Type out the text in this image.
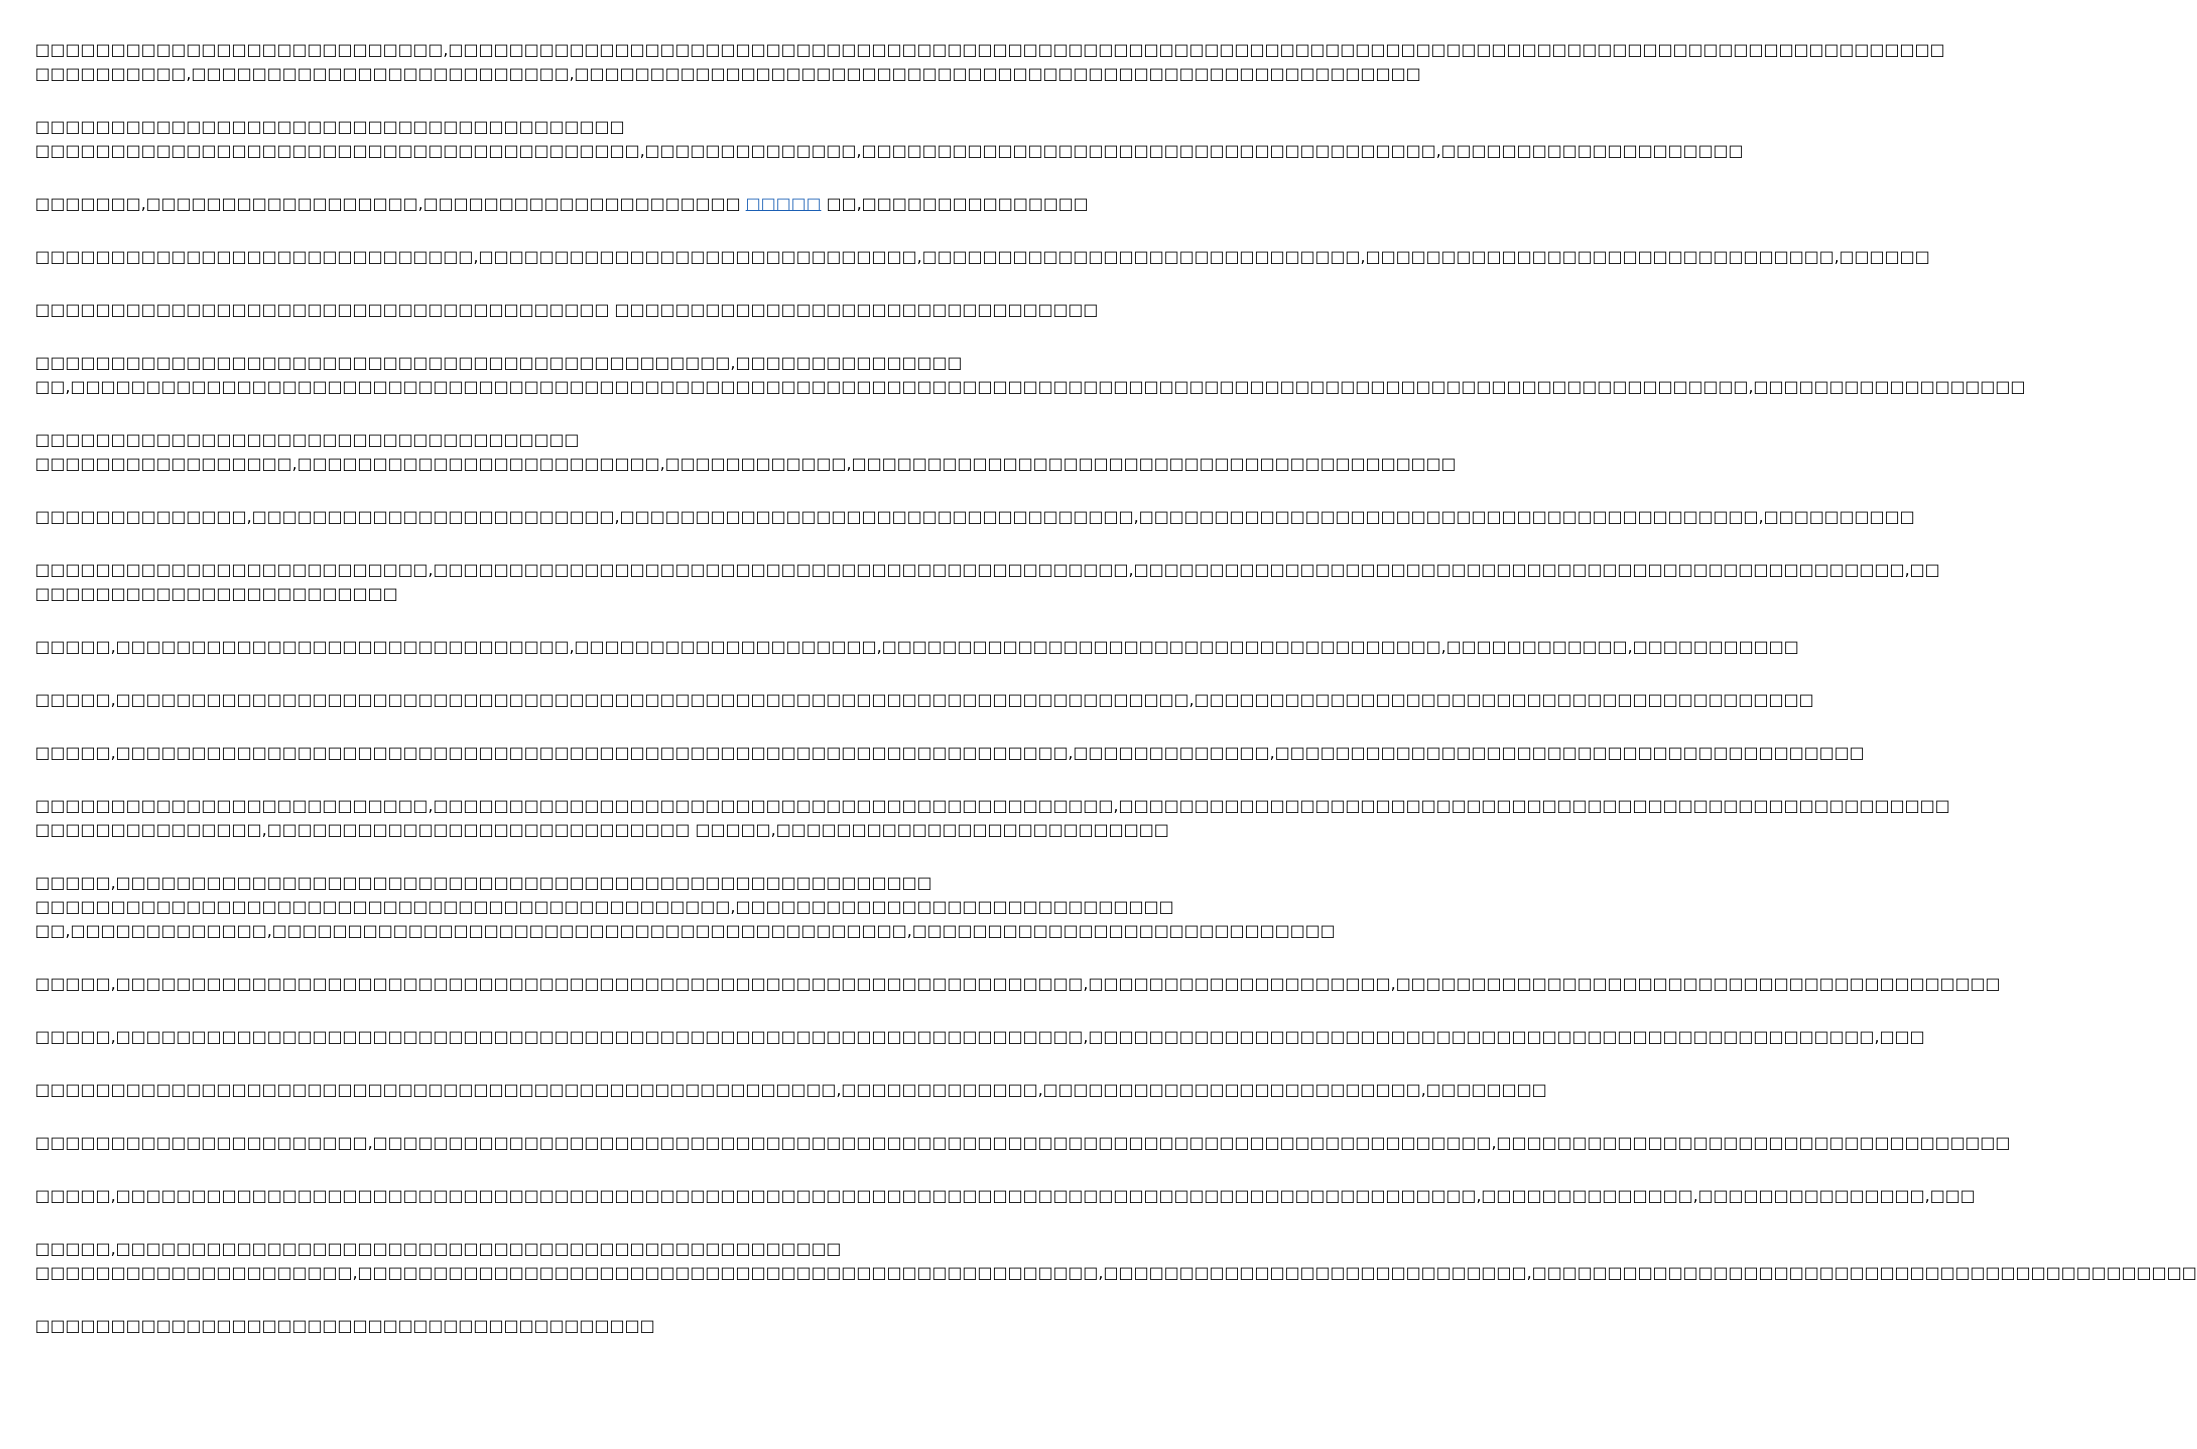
□□□□□□□□□□□□□□□□□□□□□□□□□□□,□□□□□□□□□□□□□□□□□□□□□□□□□□□□□□□□□□□□□□□□□□□□□□□□□□□□□□□□□□□□□□□□□□□□□□□□□□□□□□□□□□□□□□□□□□□□□□□□□□□
□□□□□□□□□□,□□□□□□□□□□□□□□□□□□□□□□□□□,□□□□□□□□□□□□□□□□□□□□□□□□□□□□□□□□□□□□□□□□□□□□□□□□□□□□□□□□

□□□□□□□□□□□□□□□□□□□□□□□□□□□□□□□□□□□□□□□
□□□□□□□□□□□□□□□□□□□□□□□□□□□□□□□□□□□□□□□□,□□□□□□□□□□□□□□,□□□□□□□□□□□□□□□□□□□□□□□□□□□□□□□□□□□□□□,□□□□□□□□□□□□□□□□□□□□

□□□□□□□,□□□□□□□□□□□□□□□□□□,□□□□□□□□□□□□□□□□□□□□□ □□□□□ □□,□□□□□□□□□□□□□□□

□□□□□□□□□□□□□□□□□□□□□□□□□□□□□,□□□□□□□□□□□□□□□□□□□□□□□□□□□□□,□□□□□□□□□□□□□□□□□□□□□□□□□□□□□,□□□□□□□□□□□□□□□□□□□□□□□□□□□□□□□,□□□□□□

□□□□□□□□□□□□□□□□□□□□□□□□□□□□□□□□□□□□□□ □□□□□□□□□□□□□□□□□□□□□□□□□□□□□□□□

□□□□□□□□□□□□□□□□□□□□□□□□□□□□□□□□□□□□□□□□□□□□□□,□□□□□□□□□□□□□□□
□□,□□□□□□□□□□□□□□□□□□□□□□□□□□□□□□□□□□□□□□□□□□□□□□□□□□□□□□□□□□□□□□□□□□□□□□□□□□□□□□□□□□□□□□□□□□□□□□□□□□□□□□□□□□□□□□□,□□□□□□□□□□□□□□□□□□

□□□□□□□□□□□□□□□□□□□□□□□□□□□□□□□□□□□□
□□□□□□□□□□□□□□□□□,□□□□□□□□□□□□□□□□□□□□□□□□,□□□□□□□□□□□□,□□□□□□□□□□□□□□□□□□□□□□□□□□□□□□□□□□□□□□□□

□□□□□□□□□□□□□□,□□□□□□□□□□□□□□□□□□□□□□□□,□□□□□□□□□□□□□□□□□□□□□□□□□□□□□□□□□□,□□□□□□□□□□□□□□□□□□□□□□□□□□□□□□□□□□□□□□□□□,□□□□□□□□□□

□□□□□□□□□□□□□□□□□□□□□□□□□□,□□□□□□□□□□□□□□□□□□□□□□□□□□□□□□□□□□□□□□□□□□□□□□,□□□□□□□□□□□□□□□□□□□□□□□□□□□□□□□□□□□□□□□□□□□□□□□□□□□,□□
□□□□□□□□□□□□□□□□□□□□□□□□

□□□□□,□□□□□□□□□□□□□□□□□□□□□□□□□□□□□□,□□□□□□□□□□□□□□□□□□□□,□□□□□□□□□□□□□□□□□□□□□□□□□□□□□□□□□□□□□,□□□□□□□□□□□□,□□□□□□□□□□□

□□□□□,□□□□□□□□□□□□□□□□□□□□□□□□□□□□□□□□□□□□□□□□□□□□□□□□□□□□□□□□□□□□□□□□□□□□□□□,□□□□□□□□□□□□□□□□□□□□□□□□□□□□□□□□□□□□□□□□□

□□□□□,□□□□□□□□□□□□□□□□□□□□□□□□□□□□□□□□□□□□□□□□□□□□□□□□□□□□□□□□□□□□□□□,□□□□□□□□□□□□□,□□□□□□□□□□□□□□□□□□□□□□□□□□□□□□□□□□□□□□□

□□□□□□□□□□□□□□□□□□□□□□□□□□,□□□□□□□□□□□□□□□□□□□□□□□□□□□□□□□□□□□□□□□□□□□□□,□□□□□□□□□□□□□□□□□□□□□□□□□□□□□□□□□□□□□□□□□□□□□□□□□□□□□□□
□□□□□□□□□□□□□□□,□□□□□□□□□□□□□□□□□□□□□□□□□□□□ □□□□□,□□□□□□□□□□□□□□□□□□□□□□□□□□

□□□□□,□□□□□□□□□□□□□□□□□□□□□□□□□□□□□□□□□□□□□□□□□□□□□□□□□□□□□□
□□□□□□□□□□□□□□□□□□□□□□□□□□□□□□□□□□□□□□□□□□□□□□,□□□□□□□□□□□□□□□□□□□□□□□□□□□□□
□□,□□□□□□□□□□□□□,□□□□□□□□□□□□□□□□□□□□□□□□□□□□□□□□□□□□□□□□□□,□□□□□□□□□□□□□□□□□□□□□□□□□□□□

□□□□□,□□□□□□□□□□□□□□□□□□□□□□□□□□□□□□□□□□□□□□□□□□□□□□□□□□□□□□□□□□□□□□□□,□□□□□□□□□□□□□□□□□□□□,□□□□□□□□□□□□□□□□□□□□□□□□□□□□□□□□□□□□□□□□

□□□□□,□□□□□□□□□□□□□□□□□□□□□□□□□□□□□□□□□□□□□□□□□□□□□□□□□□□□□□□□□□□□□□□□,□□□□□□□□□□□□□□□□□□□□□□□□□□□□□□□□□□□□□□□□□□□□□□□□□□□□,□□□

□□□□□□□□□□□□□□□□□□□□□□□□□□□□□□□□□□□□□□□□□□□□□□□□□□□□□,□□□□□□□□□□□□□,□□□□□□□□□□□□□□□□□□□□□□□□□,□□□□□□□□

□□□□□□□□□□□□□□□□□□□□□□,□□□□□□□□□□□□□□□□□□□□□□□□□□□□□□□□□□□□□□□□□□□□□□□□□□□□□□□□□□□□□□□□□□□□□□□□□□,□□□□□□□□□□□□□□□□□□□□□□□□□□□□□□□□□□

□□□□□,□□□□□□□□□□□□□□□□□□□□□□□□□□□□□□□□□□□□□□□□□□□□□□□□□□□□□□□□□□□□□□□□□□□□□□□□□□□□□□□□□□□□□□□□□□,□□□□□□□□□□□□□□,□□□□□□□□□□□□□□□,□□□

□□□□□,□□□□□□□□□□□□□□□□□□□□□□□□□□□□□□□□□□□□□□□□□□□□□□□□
□□□□□□□□□□□□□□□□□□□□□,□□□□□□□□□□□□□□□□□□□□□□□□□□□□□□□□□□□□□□□□□□□□□□□□□,□□□□□□□□□□□□□□□□□□□□□□□□□□□□,□□□□□□□□□□□□□□□□□□□□□□□□□□□□□□□□□□□□□□□□□□□□

□□□□□□□□□□□□□□□□□□□□□□□□□□□□□□□□□□□□□□□□□
